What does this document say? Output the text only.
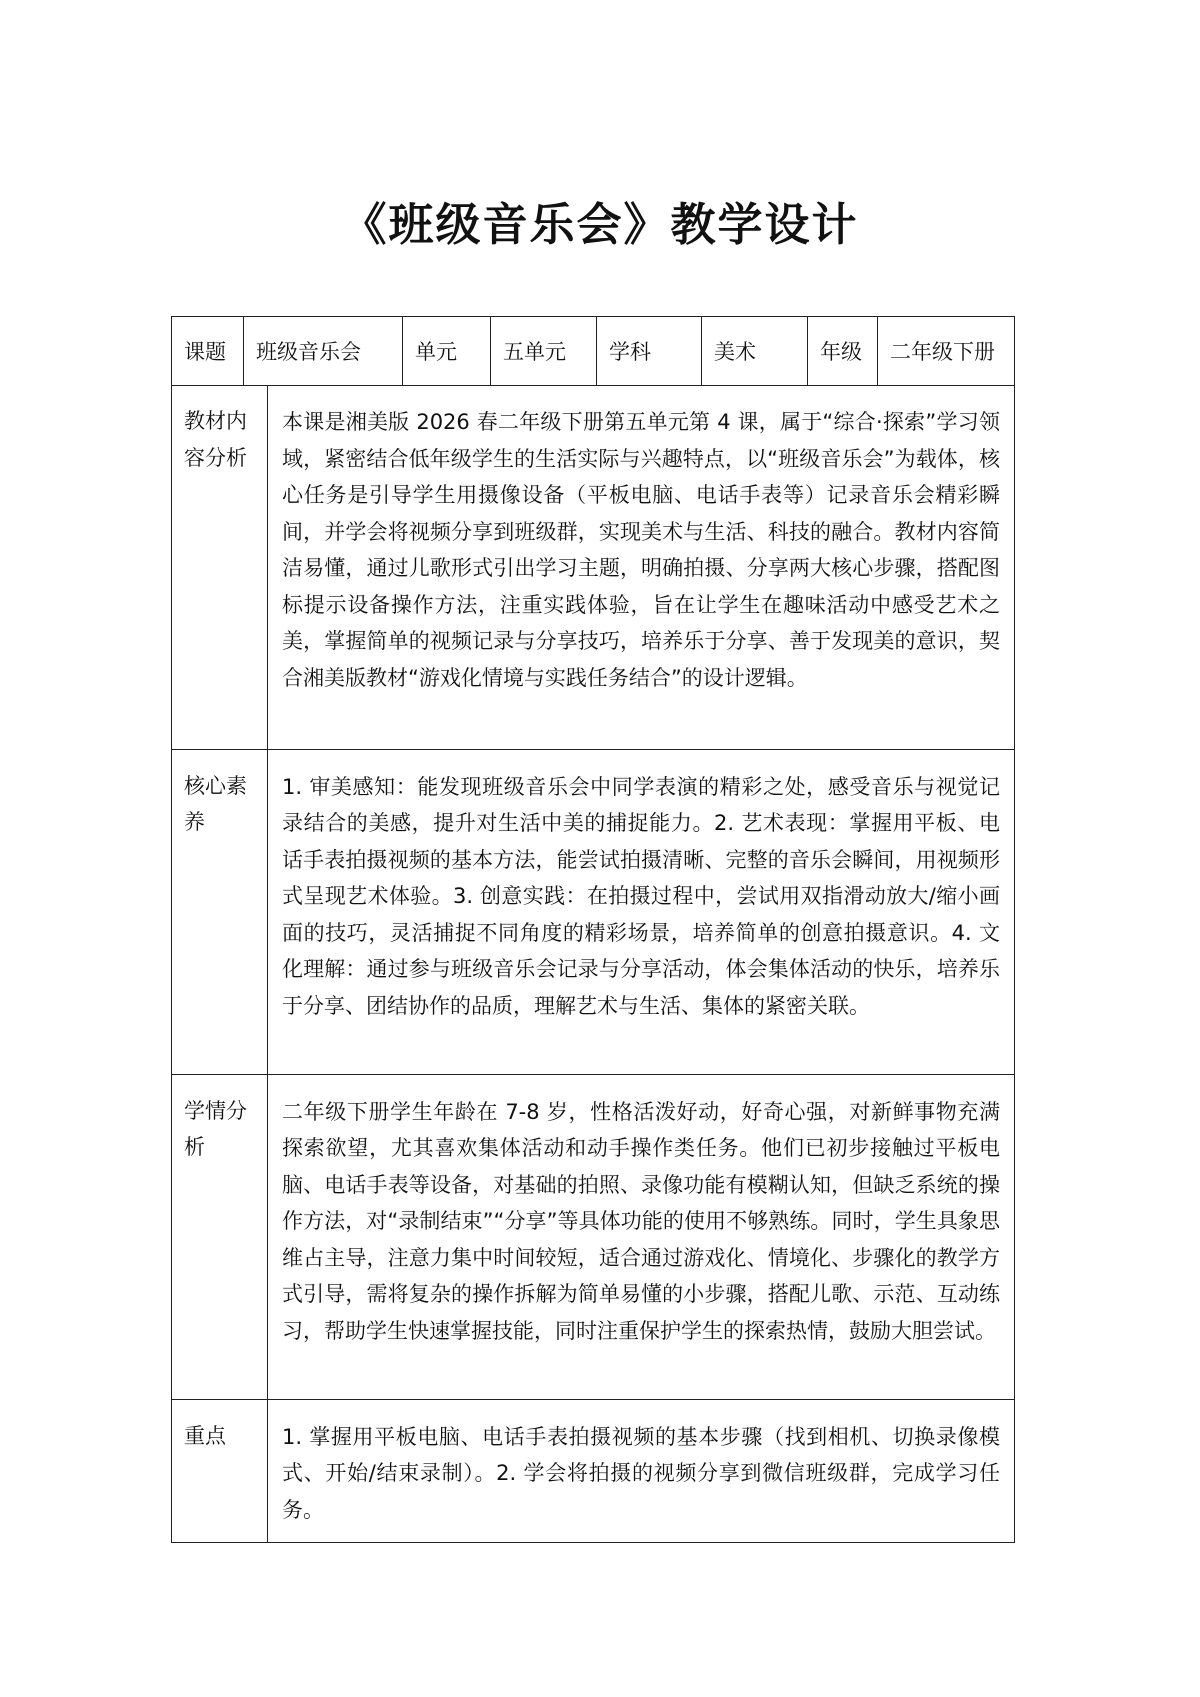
《班级音乐会》教学设计
课题	班级音乐会	单元	五单元	学科	美术	年级	二年级下册
教材内容分析	本课是湘美版 2026 春二年级下册第五单元第 4 课，属于“综合·探索”学习领域，紧密结合低年级学生的生活实际与兴趣特点，以“班级音乐会”为载体，核心任务是引导学生用摄像设备（平板电脑、电话手表等）记录音乐会精彩瞬间，并学会将视频分享到班级群，实现美术与生活、科技的融合。教材内容简洁易懂，通过儿歌形式引出学习主题，明确拍摄、分享两大核心步骤，搭配图标提示设备操作方法，注重实践体验，旨在让学生在趣味活动中感受艺术之美，掌握简单的视频记录与分享技巧，培养乐于分享、善于发现美的意识，契合湘美版教材“游戏化情境与实践任务结合”的设计逻辑。
核心素养	1. 审美感知：能发现班级音乐会中同学表演的精彩之处，感受音乐与视觉记录结合的美感，提升对生活中美的捕捉能力。2. 艺术表现：掌握用平板、电话手表拍摄视频的基本方法，能尝试拍摄清晰、完整的音乐会瞬间，用视频形式呈现艺术体验。3. 创意实践：在拍摄过程中，尝试用双指滑动放大/缩小画面的技巧，灵活捕捉不同角度的精彩场景，培养简单的创意拍摄意识。4. 文化理解：通过参与班级音乐会记录与分享活动，体会集体活动的快乐，培养乐于分享、团结协作的品质，理解艺术与生活、集体的紧密关联。
学情分析	二年级下册学生年龄在 7-8 岁，性格活泼好动，好奇心强，对新鲜事物充满探索欲望，尤其喜欢集体活动和动手操作类任务。他们已初步接触过平板电脑、电话手表等设备，对基础的拍照、录像功能有模糊认知，但缺乏系统的操作方法，对“录制结束”“分享”等具体功能的使用不够熟练。同时，学生具象思维占主导，注意力集中时间较短，适合通过游戏化、情境化、步骤化的教学方式引导，需将复杂的操作拆解为简单易懂的小步骤，搭配儿歌、示范、互动练习，帮助学生快速掌握技能，同时注重保护学生的探索热情，鼓励大胆尝试。
重点	1. 掌握用平板电脑、电话手表拍摄视频的基本步骤（找到相机、切换录像模式、开始/结束录制）。2. 学会将拍摄的视频分享到微信班级群，完成学习任务。
